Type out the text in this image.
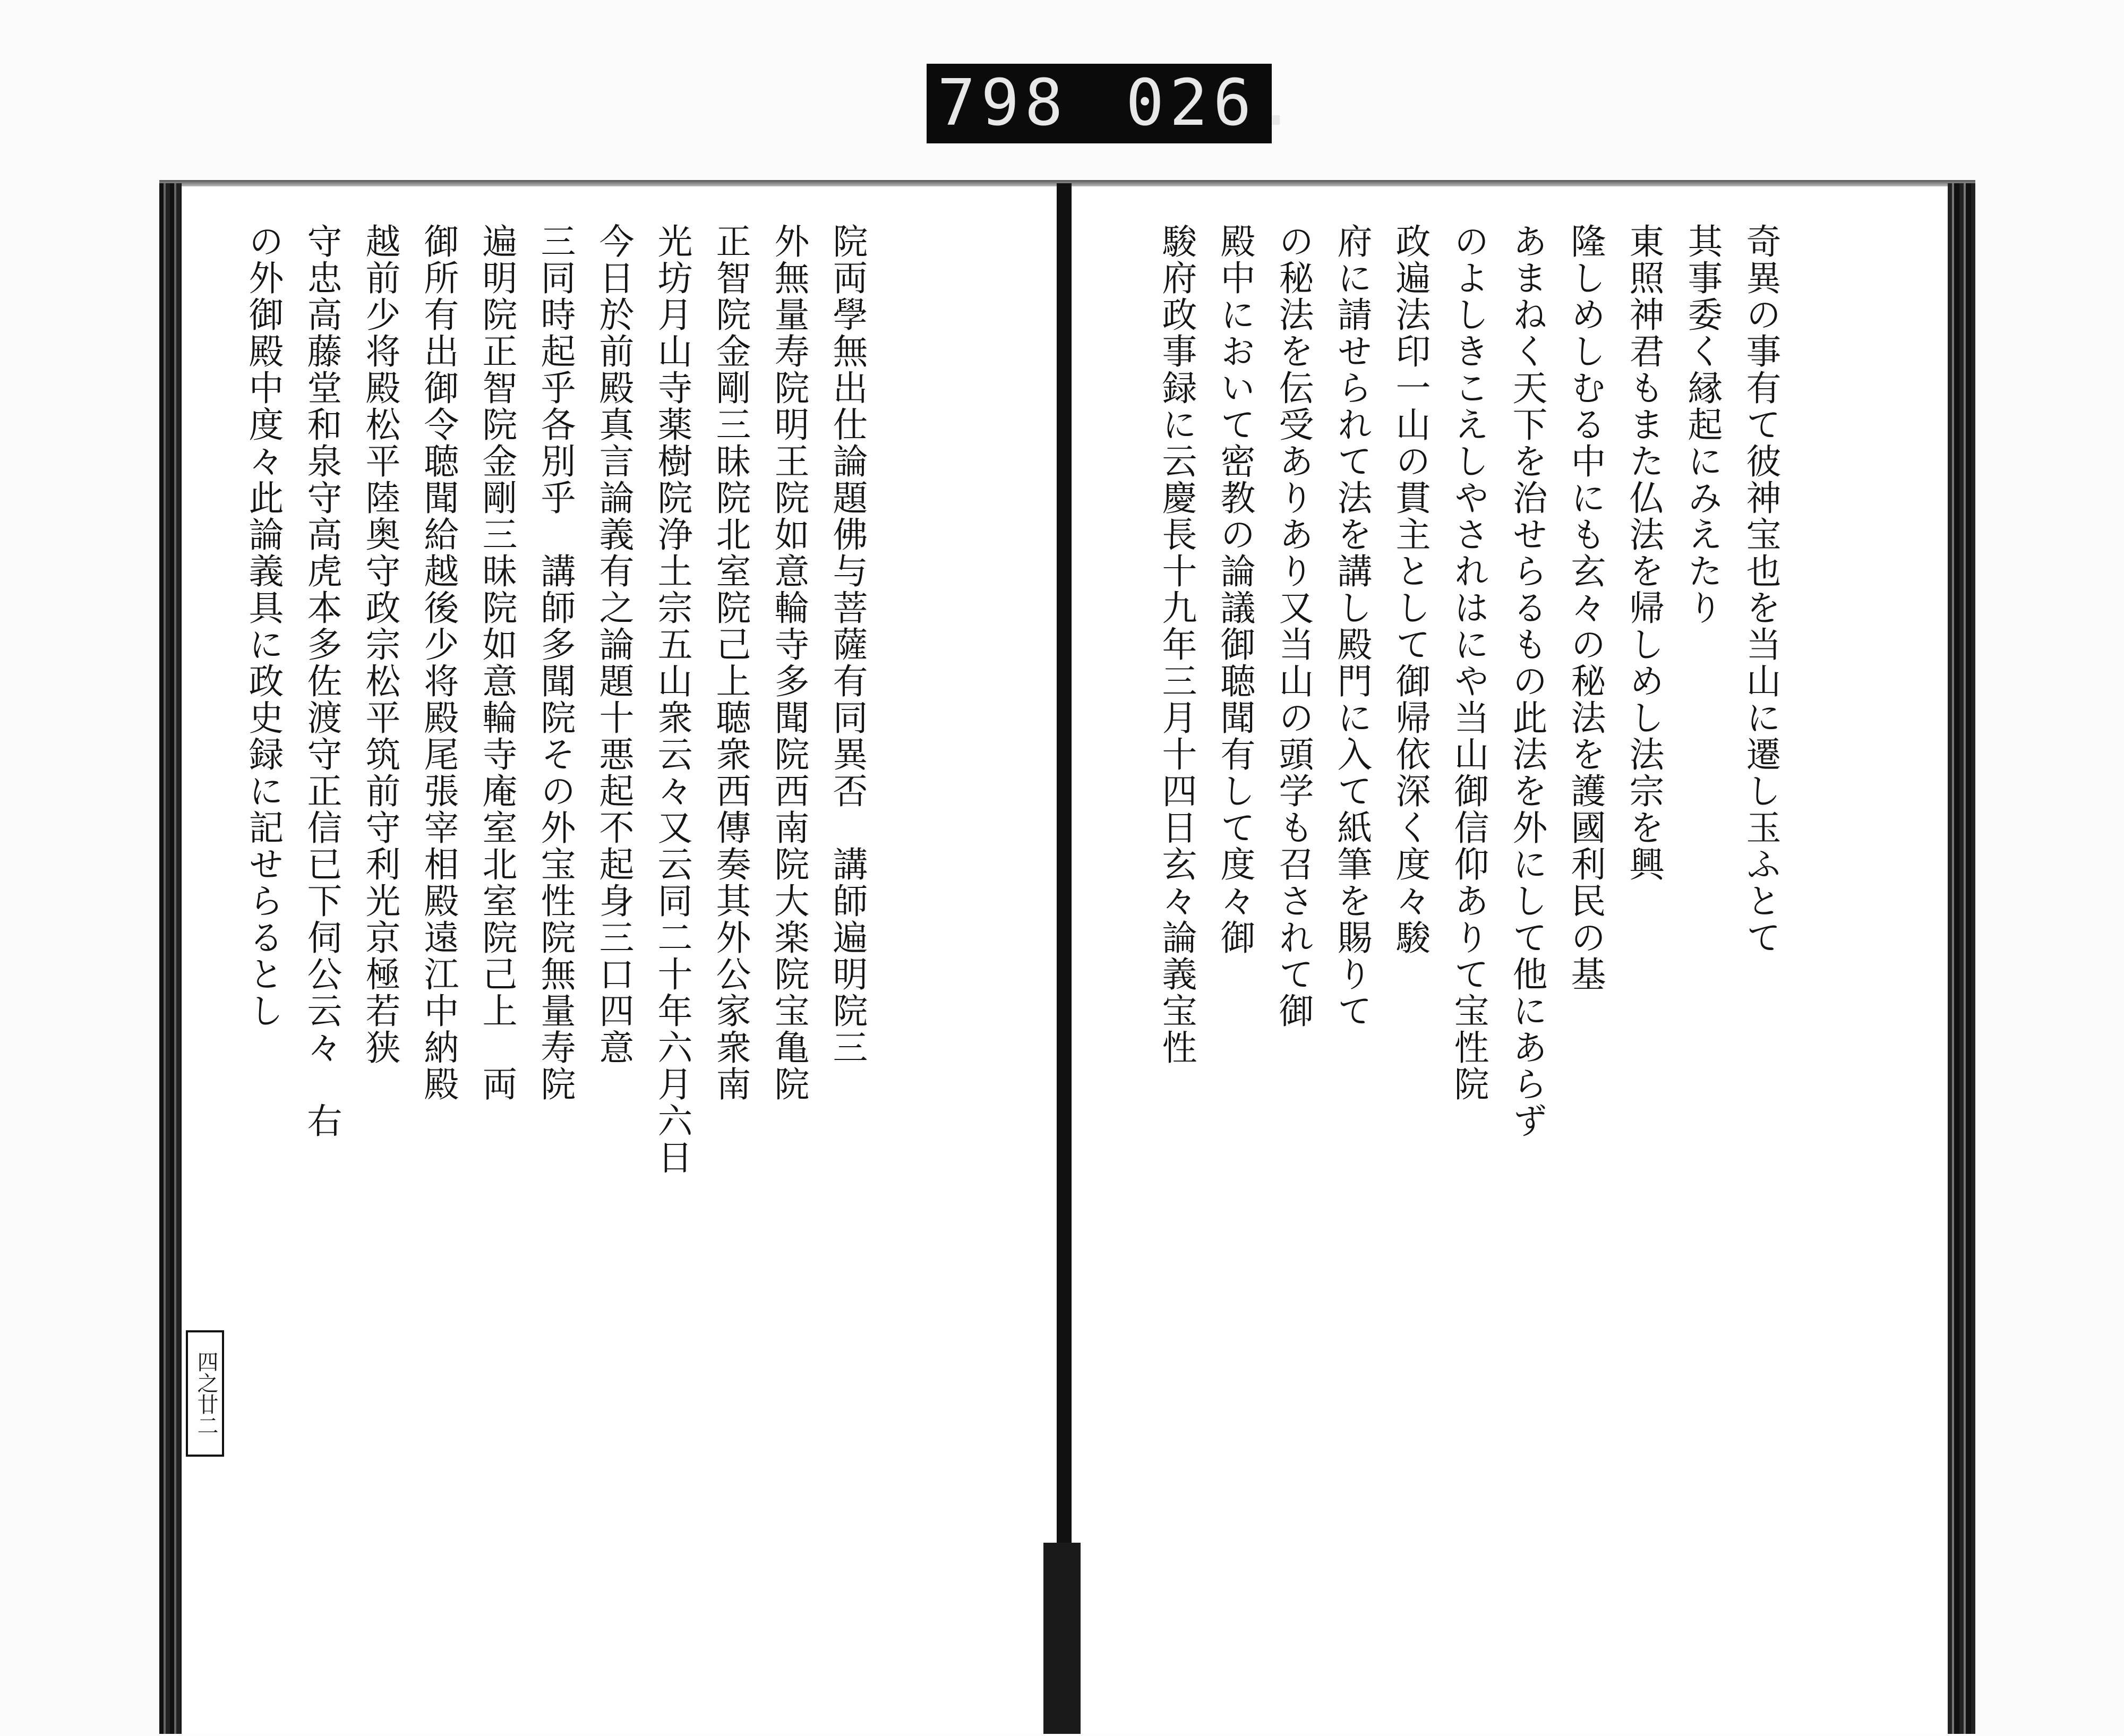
798 026.
四之廿二
奇異の事有て彼神宝也を当山に遷し玉ふとて
其事委く縁起にみえたり
東照神君もまた仏法を帰しめし法宗を興
隆しめしむる中にも玄々の秘法を護國利民の基
あまねく天下を治せらるもの此法を外にして他にあらず
のよしきこえしやされはにや当山御信仰ありて宝性院
政遍法印一山の貫主として御帰依深く度々駿
府に請せられて法を講し殿門に入て紙筆を賜りて
の秘法を伝受ありあり又当山の頭学も召されて御
殿中において密教の論議御聴聞有して度々御
駿府政事録に云慶長十九年三月十四日玄々論義宝性
院両學無出仕論題佛与菩薩有同異否　講師遍明院三
外無量寿院明王院如意輪寺多聞院西南院大楽院宝亀院
正智院金剛三昧院北室院己上聴衆西傳奏其外公家衆南
光坊月山寺薬樹院浄土宗五山衆云々又云同二十年六月六日
今日於前殿真言論義有之論題十悪起不起身三口四意
三同時起乎各別乎　講師多聞院その外宝性院無量寿院
遍明院正智院金剛三昧院如意輪寺庵室北室院己上　両
御所有出御令聴聞給越後少将殿尾張宰相殿遠江中納殿
越前少将殿松平陸奥守政宗松平筑前守利光京極若狭
守忠高藤堂和泉守高虎本多佐渡守正信已下伺公云々　右
の外御殿中度々此論義具に政史録に記せらるとし
